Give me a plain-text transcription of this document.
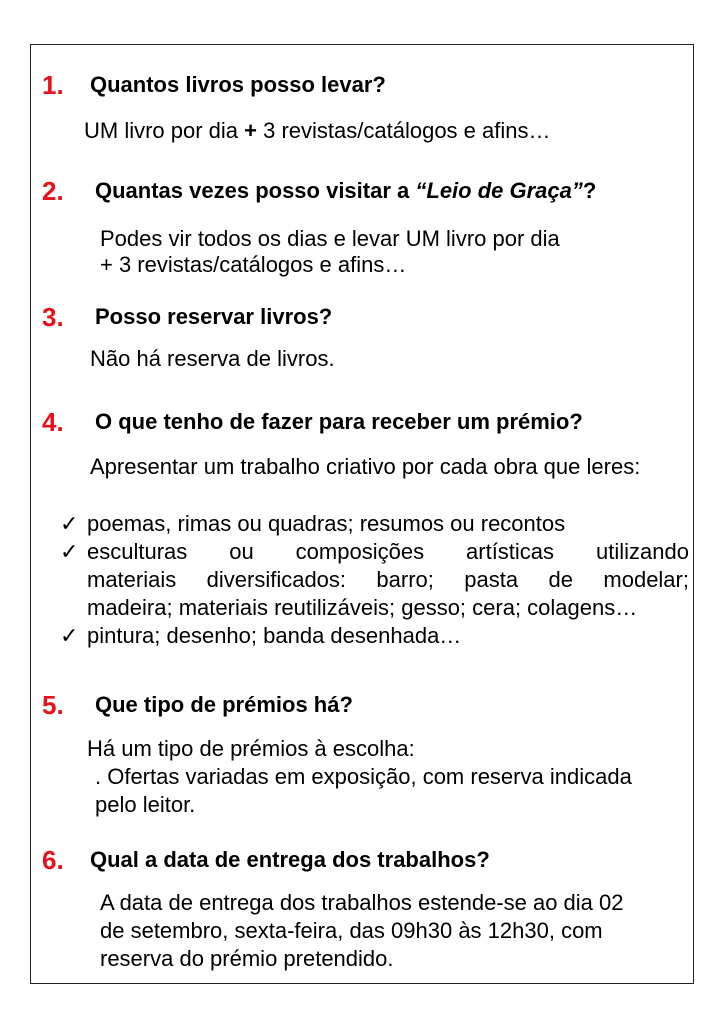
1. Quantos livros posso levar?
UM livro por dia + 3 revistas/catálogos e afins…
2. Quantas vezes posso visitar a “Leio de Graça”?
Podes vir todos os dias e levar UM livro por dia
+ 3 revistas/catálogos e afins…
3. Posso reservar livros?
Não há reserva de livros.
4. O que tenho de fazer para receber um prémio?
Apresentar um trabalho criativo por cada obra que leres:
✓ poemas, rimas ou quadras; resumos ou recontos
✓ esculturas ou composições artísticas utilizando
materiais diversificados: barro; pasta de modelar;
madeira; materiais reutilizáveis; gesso; cera; colagens…
✓ pintura; desenho; banda desenhada…
5. Que tipo de prémios há?
Há um tipo de prémios à escolha:
. Ofertas variadas em exposição, com reserva indicada
pelo leitor.
6. Qual a data de entrega dos trabalhos?
A data de entrega dos trabalhos estende-se ao dia 02
de setembro, sexta-feira, das 09h30 às 12h30, com
reserva do prémio pretendido.
